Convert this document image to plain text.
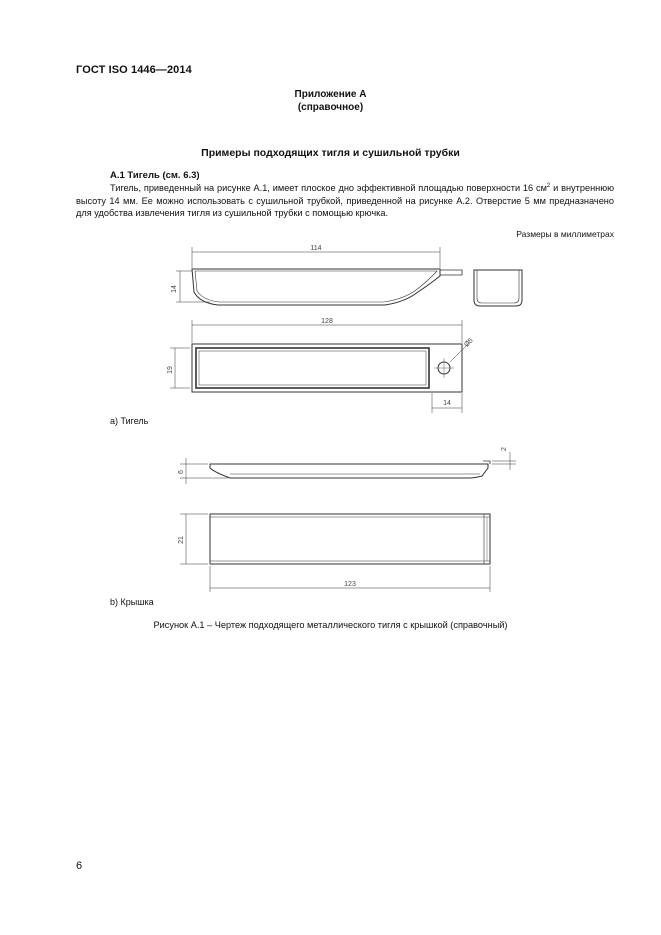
ГОСТ ISO 1446—2014
Приложение А
(справочное)
Примеры подходящих тигля и сушильной трубки
А.1 Тигель (см. 6.3)

Тигель, приведенный на рисунке А.1, имеет плоское дно эффективной площадью поверхности 16 $см^2$ и внутреннюю высоту 14 мм. Ее можно использовать с сушильной трубкой, приведенной на рисунке А.2. Отверстие 5 мм предназначено для удобства извлечения тигля из сушильной трубки с помощью крючка.

Размеры в миллиметрах
114
14
128
19
Ø5
14
6
2
21
123
а) Тигель
b) Крышка
Рисунок А.1 – Чертеж подходящего металлического тигля с крышкой (справочный)
6
